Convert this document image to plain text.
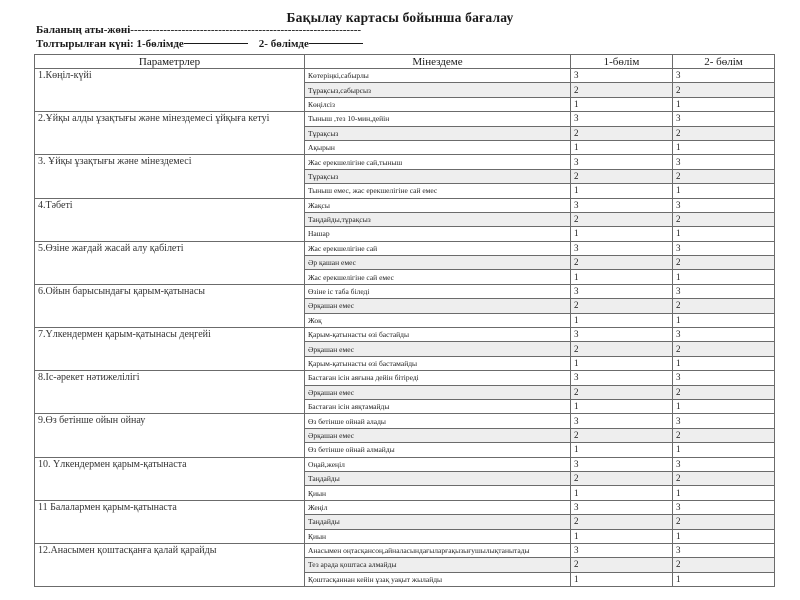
Бақылау картасы бойынша бағалау
Баланың аты-жөні---------------------------------------------------------------
Толтырылған күні: 1-бөлімде	2- бөлімде
Параметрлер	Мінездеме	1-бөлім	2- бөлім
1.Көңіл-күйі	Көтеріңкі,сабырлы	3	3
	Тұрақсыз,сабырсыз	2	2
	Көңілсіз	1	1
2.Ұйқы алды ұзақтығы және мінездемесі ұйқыға кетуі	Тыныш ,тез 10-мин,дейін	3	3
	Тұрақсыз	2	2
	Ақырын	1	1
3. Ұйқы ұзақтығы және мінездемесі	Жас ерекшелігіне сай,тыныш	3	3
	Тұрақсыз	2	2
	Тыныш емес, жас ерекшелігіне сай емес	1	1
4.Тәбеті	Жақсы	3	3
	Таңдайды,тұрақсыз	2	2
	Нашар	1	1
5.Өзіне жағдай жасай алу қабілеті	Жас ерекшелігіне сай	3	3
	Әр қашан емес	2	2
	Жас ерекшелігіне сай емес	1	1
6.Ойын барысындағы қарым-қатынасы	Өзіне іс таба біледі	3	3
	Әрқашан емес	2	2
	Жоқ	1	1
7.Үлкендермен қарым-қатынасы деңгейі	Қарым-қатынасты өзі бастайды	3	3
	Әрқашан емес	2	2
	Қарым-қатынасты өзі бастамайды	1	1
8.Іс-әрекет нәтижелілігі	Бастаған ісін аяғына дейін бітіреді	3	3
	Әрқашан емес	2	2
	Бастаған ісін аяқтамайды	1	1
9.Өз бетінше ойын ойнау	Өз бетінше ойнай алады	3	3
	Әрқашан емес	2	2
	Өз бетінше ойнай алмайды	1	1
10. Үлкендермен қарым-қатынаста	Оңай,жеңіл	3	3
	Таңдайды	2	2
	Қиын	1	1
11 Балалармен қарым-қатынаста	Жеңіл	3	3
	Таңдайды	2	2
	Қиын	1	1
12.Анасымен қоштасқанға қалай қарайды	Анасымен оңтасқансоң,айналасындағыларғақызығушылықтанытады	3	3
	Тез арада қоштаса алмайды	2	2
	Қоштасқаннан кейін ұзақ уақыт жылайды	1	1
